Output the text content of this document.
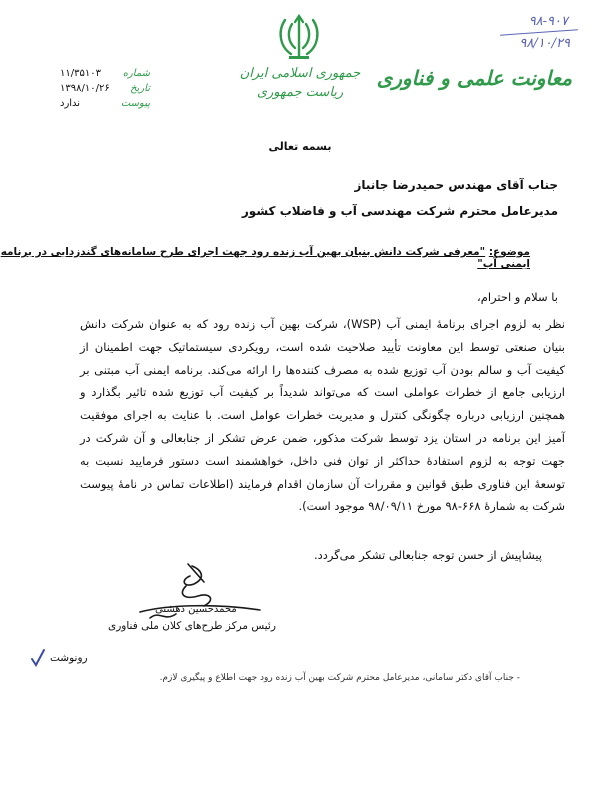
۹۸-۹۰۷
۹۸/۱۰/۲۹
معاونت علمی و فناوری
جمهوری اسلامی ایران
ریاست جمهوری
شماره
۱۱/۳۵۱۰۳
تاریخ
۱۳۹۸/۱۰/۲۶
پیوست
ندارد
بسمه تعالی
جناب آقای مهندس حمیدرضا جانباز
مدیرعامل محترم شرکت مهندسی آب و فاضلاب کشور
موضوع: "معرفی شرکت دانش بنیان بهین آب زنده رود جهت اجرای طرح سامانه‌های گندزدایی در برنامه ایمنی آب"
با سلام و احترام،
نظر به لزوم اجرای برنامهٔ ایمنی آب (WSP)، شرکت بهین آب زنده رود که به عنوان شرکت دانش بنیان صنعتی توسط این معاونت تأیید صلاحیت شده است، رویکردی سیستماتیک جهت اطمینان از کیفیت آب و سالم بودن آب توزیع شده به مصرف کننده‌ها را ارائه می‌کند. برنامه ایمنی آب مبتنی بر ارزیابی جامع از خطرات عواملی است که می‌تواند شدیداً بر کیفیت آب توزیع شده تاثیر بگذارد و همچنین ارزیابی درباره چگونگی کنترل و مدیریت خطرات عوامل است. با عنایت به اجرای موفقیت آمیز این برنامه در استان یزد توسط شرکت مذکور، ضمن عرض تشکر از جنابعالی و آن شرکت در جهت توجه به لزوم استفادهٔ حداکثر از توان فنی داخل، خواهشمند است دستور فرمایید نسبت به توسعهٔ این فناوری طبق قوانین و مقررات آن سازمان اقدام فرمایند (اطلاعات تماس در نامهٔ پیوست شرکت به شمارهٔ ۶۶۸-۹۸ مورخ ۹۸/۰۹/۱۱ موجود است).
پیشاپیش از حسن توجه جنابعالی تشکر می‌گردد.
محمدحسین دهشتی
رئیس مرکز طرح‌های کلان ملی فناوری
رونوشت
- جناب آقای دکتر سامانی، مدیرعامل محترم شرکت بهین آب زنده رود جهت اطلاع و پیگیری لازم.
